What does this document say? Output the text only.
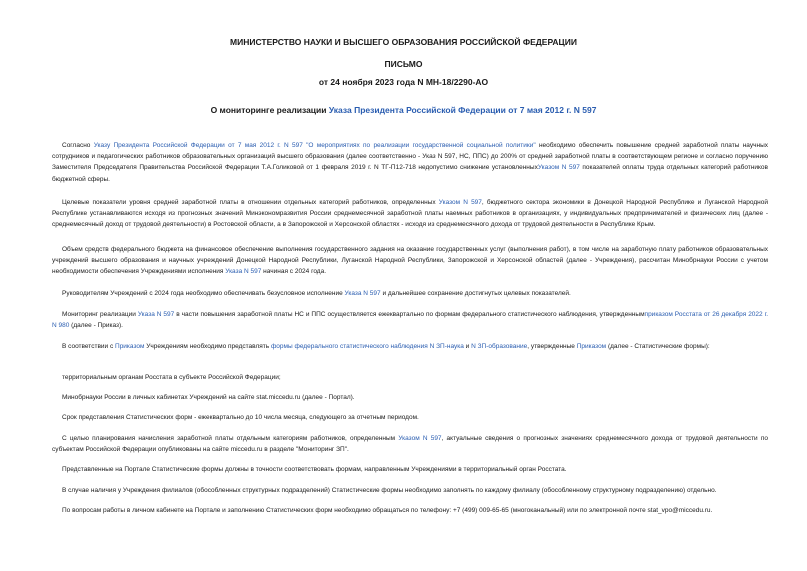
МИНИСТЕРСТВО НАУКИ И ВЫСШЕГО ОБРАЗОВАНИЯ РОССИЙСКОЙ ФЕДЕРАЦИИ
ПИСЬМО
от 24 ноября 2023 года N МН-18/2290-АО
О мониторинге реализации Указа Президента Российской Федерации от 7 мая 2012 г. N 597

Согласно Указу Президента Российской Федерации от 7 мая 2012 г. N 597 "О мероприятиях по реализации государственной социальной политики" необходимо обеспечить повышение средней заработной платы научных сотрудников и педагогических работников образовательных организаций высшего образования (далее соответственно - Указ N 597, НС, ППС) до 200% от средней заработной платы в соответствующем регионе и согласно поручению Заместителя Председателя Правительства Российской Федерации Т.А.Голиковой от 1 февраля 2019 г. N ТГ-П12-718 недопустимо снижение установленныхУказом N 597 показателей оплаты труда отдельных категорий работников бюджетной сферы.

Целевые показатели уровня средней заработной платы в отношении отдельных категорий работников, определенных Указом N 597, бюджетного сектора экономики в Донецкой Народной Республике и Луганской Народной Республике устанавливаются исходя из прогнозных значений Минэкономразвития России среднемесячной заработной платы наемных работников в организациях, у индивидуальных предпринимателей и физических лиц (далее - среднемесячный доход от трудовой деятельности) в Ростовской области, а в Запорожской и Херсонской областях - исходя из среднемесячного дохода от трудовой деятельности в Республике Крым.

Объем средств федерального бюджета на финансовое обеспечение выполнения государственного задания на оказание государственных услуг (выполнения работ), в том числе на заработную плату работников образовательных учреждений высшего образования и научных учреждений Донецкой Народной Республики, Луганской Народной Республики, Запорожской и Херсонской областей (далее - Учреждения), рассчитан Минобрнауки России с учетом необходимости обеспечения Учреждениями исполнения Указа N 597 начиная с 2024 года.

Руководителям Учреждений с 2024 года необходимо обеспечивать безусловное исполнение Указа N 597 и дальнейшее сохранение достигнутых целевых показателей.

Мониторинг реализации Указа N 597 в части повышения заработной платы НС и ППС осуществляется ежеквартально по формам федерального статистического наблюдения, утвержденнымприказом Росстата от 26 декабря 2022 г. N 980 (далее - Приказ).

В соответствии с Приказом Учреждениям необходимо представлять формы федерального статистического наблюдения N ЗП-наука и N ЗП-образование, утвержденные Приказом (далее - Статистические формы):

территориальным органам Росстата в субъекте Российской Федерации;

Минобрнауки России в личных кабинетах Учреждений на сайте stat.miccedu.ru (далее - Портал).

Срок представления Статистических форм - ежеквартально до 10 числа месяца, следующего за отчетным периодом.

С целью планирования начисления заработной платы отдельным категориям работников, определенным Указом N 597, актуальные сведения о прогнозных значениях среднемесячного дохода от трудовой деятельности по субъектам Российской Федерации опубликованы на сайте miccedu.ru в разделе "Мониторинг ЗП".

Представленные на Портале Статистические формы должны в точности соответствовать формам, направленным Учреждениями в территориальный орган Росстата.

В случае наличия у Учреждения филиалов (обособленных структурных подразделений) Статистические формы необходимо заполнять по каждому филиалу (обособленному структурному подразделению) отдельно.

По вопросам работы в личном кабинете на Портале и заполнению Статистических форм необходимо обращаться по телефону: +7 (499) 009-65-65 (многоканальный) или по электронной почте stat_vpo@miccedu.ru.
